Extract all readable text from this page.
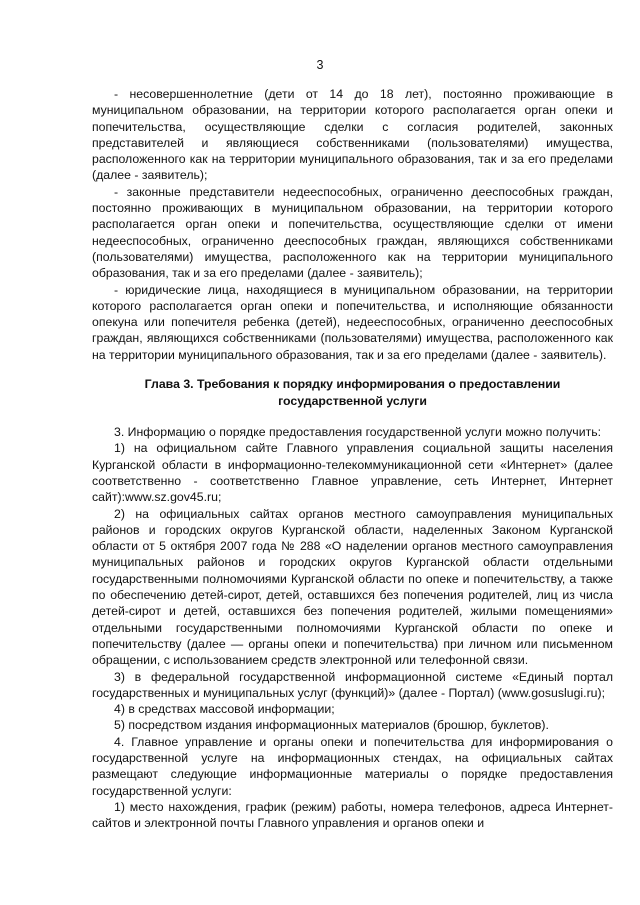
3

- несовершеннолетние (дети от 14 до 18 лет), постоянно проживающие в муниципальном образовании, на территории которого располагается орган опеки и попечительства, осуществляющие сделки с согласия родителей, законных представителей и являющиеся собственниками (пользователями) имущества, расположенного как на территории муниципального образования, так и за его пределами (далее - заявитель);

- законные представители недееспособных, ограниченно дееспособных граждан, постоянно проживающих в муниципальном образовании, на территории которого располагается орган опеки и попечительства, осуществляющие сделки от имени недееспособных, ограниченно дееспособных граждан, являющихся собственниками (пользователями) имущества, расположенного как на территории муниципального образования, так и за его пределами (далее - заявитель);

- юридические лица, находящиеся в муниципальном образовании, на территории которого располагается орган опеки и попечительства, и исполняющие обязанности опекуна или попечителя ребенка (детей), недееспособных, ограниченно дееспособных граждан, являющихся собственниками (пользователями) имущества, расположенного как на территории муниципального образования, так и за его пределами (далее - заявитель).

Глава 3. Требования к порядку информирования о предоставлении государственной услуги

3. Информацию о порядке предоставления государственной услуги можно получить:

1) на официальном сайте Главного управления социальной защиты населения Курганской области в информационно-телекоммуникационной сети «Интернет» (далее соответственно - соответственно Главное управление, сеть Интернет, Интернет сайт):www.sz.gov45.ru;

2) на официальных сайтах органов местного самоуправления муниципальных районов и городских округов Курганской области, наделенных Законом Курганской области от 5 октября 2007 года № 288 «О наделении органов местного самоуправления муниципальных районов и городских округов Курганской области отдельными государственными полномочиями Курганской области по опеке и попечительству, а также по обеспечению детей-сирот, детей, оставшихся без попечения родителей, лиц из числа детей-сирот и детей, оставшихся без попечения родителей, жилыми помещениями» отдельными государственными полномочиями Курганской области по опеке и попечительству (далее — органы опеки и попечительства) при личном или письменном обращении, с использованием средств электронной или телефонной связи.

3) в федеральной государственной информационной системе «Единый портал государственных и муниципальных услуг (функций)» (далее - Портал) (www.gosuslugi.ru);

4) в средствах массовой информации;

5) посредством издания информационных материалов (брошюр, буклетов).

4. Главное управление и органы опеки и попечительства для информирования о государственной услуге на информационных стендах, на официальных сайтах размещают следующие информационные материалы о порядке предоставления государственной услуги:

1) место нахождения, график (режим) работы, номера телефонов, адреса Интернет-сайтов и электронной почты Главного управления и органов опеки и
